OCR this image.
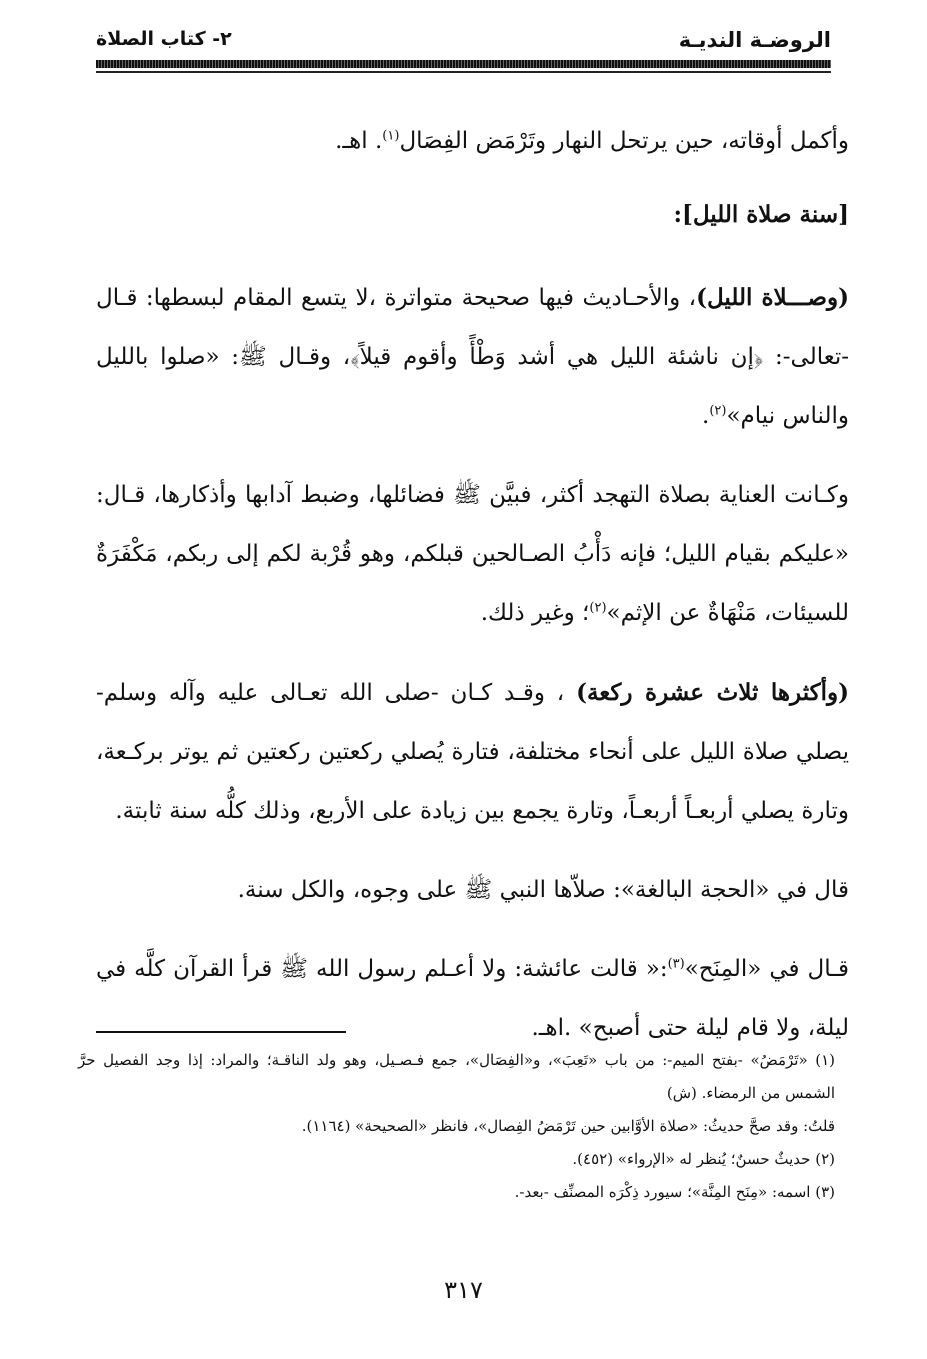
الروضـة النديـة
٢- كتاب الصلاة

وأكمل أوقاته، حين يرتحل النهار وتَرْمَض الفِصَال$^{(١)}$. اهـ.

[سنة صلاة الليل]:

(وصـــلاة الليل)، والأحـاديث فيها صحيحة متواترة ،لا يتسع المقام لبسطها: قـال -تعالى-: ﴿إن ناشئة الليل هي أشد وَطْأً وأقوم قيلاً﴾، وقـال ﷺ: «صلوا بالليل والناس نيام»$^{(٢)}$.

وكـانت العناية بصلاة التهجد أكثر، فبيَّن ﷺ فضائلها، وضبط آدابها وأذكارها، قـال: «عليكم بقيام الليل؛ فإنه دَأْبُ الصـالحين قبلكم، وهو قُرْبة لكم إلى ربكم، مَكْفَرَةٌ للسيئات، مَنْهَاةٌ عن الإثم»$^{(٢)}$؛ وغير ذلك.

(وأكثرها ثلاث عشرة ركعة) ، وقـد كـان -صلى الله تعـالى عليه وآله وسلم- يصلي صلاة الليل على أنحاء مختلفة، فتارة يُصلي ركعتين ركعتين ثم يوتر بركـعة، وتارة يصلي أربعـاً أربعـاً، وتارة يجمع بين زيادة على الأربع، وذلك كلُّه سنة ثابتة.

قال في «الحجة البالغة»: صلاّها النبي ﷺ على وجوه، والكل سنة.

قـال في «المِنَح»$^{(٣)}$:« قالت عائشة: ولا أعـلم رسول الله ﷺ قرأ القرآن كلَّه في ليلة، ولا قام ليلة حتى أصبح» .اهـ.

(١) «تَرْمَضُ» -بفتح الميم-: من باب «تَعِبَ»، و«الفِصَال»، جمع فـصـيل، وهو ولد الناقـة؛ والمراد: إذا وجد الفصيل حرَّ الشمس من الرمضاء. (ش)

قلتُ: وقد صحَّ حديثُ: «صلاة الأوَّابين حين تَرْمَضُ الفِصال»، فانظر «الصحيحة» (١١٦٤).

(٢) حديثٌ حسنٌ؛ يُنظر له «الإرواء» (٤٥٢).

(٣) اسمه: «مِنَح المِنَّة»؛ سيورد ذِكْرَه المصنِّف -بعد-.

٣١٧
